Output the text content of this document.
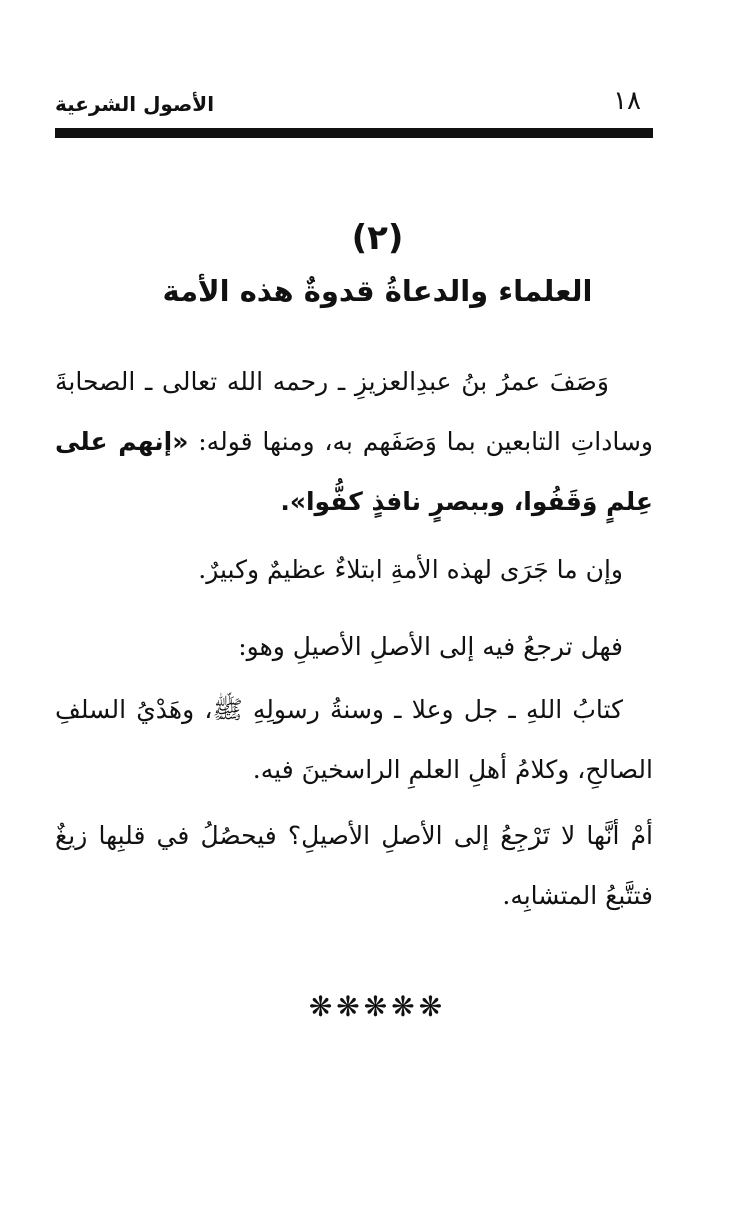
الأصول الشرعية	١٨
(٢)
العلماء والدعاةُ قدوةٌ هذه الأمة
وَصَفَ عمرُ بنُ عبدِالعزيزِ ـ رحمه الله تعالى ـ الصحابةَ وساداتِ التابعين بما وَصَفَهم به، ومنها قوله: «إنهم على عِلمٍ وَقَفُوا، وببصرٍ نافذٍ كفُّوا».
وإن ما جَرَى لهذه الأمةِ ابتلاءٌ عظيمٌ وكبيرٌ.
فهل ترجعُ فيه إلى الأصلِ الأصيلِ وهو:
كتابُ اللهِ ـ جل وعلا ـ وسنةُ رسولِهِ ﷺ، وهَدْيُ السلفِ الصالحِ، وكلامُ أهلِ العلمِ الراسخينَ فيه.
أمْ أنَّها لا تَرْجِعُ إلى الأصلِ الأصيلِ؟ فيحصُلُ في قلبِها زيغٌ فتتَّبعُ المتشابِه.
❋❋❋❋❋
